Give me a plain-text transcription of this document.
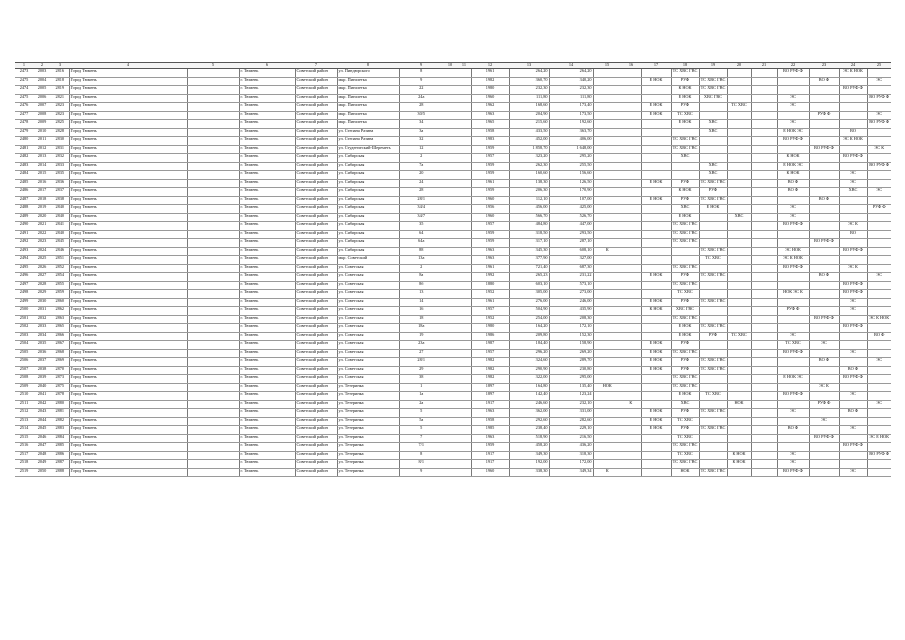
1	2	3	4	5	6	7	8	9	10	11	12	13	14	15	16	17	18	19	20	21	22	23	24	25	
2473	2003	2816	Город Тюмень		г. Тюмень	Советский район	ул. Пиндюрского	8			1961	264,20	264,20				ТС ХВС ГВС				ВО РУФ Ф		ЭС К НОК		
2475	2004	2818	Город Тюмень		г. Тюмень	Советский район	мкр. Пятилетка	9			1982	360,70	340,20			Е НОК	РУФ	ТС ХВС ГВС				ВО Ф		ЭС	
2474	2005	2819	Город Тюмень		г. Тюмень	Советский район	мкр. Пятилетка	22			1980	232,30	232,30				К НОК	ТС ХВС ГВС					ВО РУФ Ф		
2475	2006	2821	Город Тюмень		г. Тюмень	Советский район	мкр. Пятилетка	24а			1960	111,80	111,80				Е НОК	ХВС ГВС			ЭС			ВО РУФ Ф	
2476	2007	2823	Город Тюмень		г. Тюмень	Советский район	мкр. Пятилетка	28			1962	168,60	173,40			Е НОК	РУФ		ТС ХВС		ЭС				
2477	2008	2823	Город Тюмень		г. Тюмень	Советский район	мкр. Пятилетка	30/5			1963	204,90	173,50			Е НОК	ТС ХВС					РУФ Ф		ЭС	
2478	2009	2825	Город Тюмень		г. Тюмень	Советский район	мкр. Пятилетка	34			1965	215,60	192,60				Е НОК	ХВС			ЭС			ВО РУФ Ф	
2479	2010	2828	Город Тюмень		г. Тюмень	Советский район	ул. Степана Разина	3а			1958	433,50	363,70					ХВС			Е НОК ЭС		ВО		
2480	2011	2830	Город Тюмень		г. Тюмень	Советский район	ул. Степана Разина	32			1983	452,00	406,00				ТС ХВС ГВС				ВО РУФ Ф		ЭС К НОК		
2481	2012	2831	Город Тюмень		г. Тюмень	Советский район	ул. Студенческий-Шереметь	12			1959	1 858,70	1 648,00				ТС ХВС ГВС					ВО РУФ Ф		ЭС К	
2482	2013	2832	Город Тюмень		г. Тюмень	Советский район	ул. Сибирская	2			1957	323,20	295,20				ХВС				К НОК		ВО РУФ Ф		
2483	2014	2833	Город Тюмень		г. Тюмень	Советский район	ул. Сибирская	7а			1959	262,30	255,50					ХВС			Е НОК ЭС			ВО РУФ Ф	
2484	2015	2835	Город Тюмень		г. Тюмень	Советский район	ул. Сибирская	20			1959	160,60	156,60					ХВС			К НОК		ЭС		
2485	2016	2836	Город Тюмень		г. Тюмень	Советский район	ул. Сибирская	24			1961	138,30	126,50			Е НОК	РУФ	ТС ХВС ГВС			ВО Ф		ЭС		
2486	2017	2837	Город Тюмень		г. Тюмень	Советский район	ул. Сибирская	28			1959	206,30	170,90				К НОК	РУФ			ВО Ф		ХВС	ЭС	
2487	2018	2838	Город Тюмень		г. Тюмень	Советский район	ул. Сибирская	28/1			1960	112,10	107,00			Е НОК	РУФ	ТС ХВС ГВС				ВО Ф			
2488	2019	2840	Город Тюмень		г. Тюмень	Советский район	ул. Сибирская	34/4			1956	456,00	425,00				ХВС	Е НОК			ЭС			РУФ Ф	
2489	2020	2840	Город Тюмень		г. Тюмень	Советский район	ул. Сибирская	34/7			1960	566,70	526,70				Е НОК		ХВС		ЭС				
2490	2021	2841	Город Тюмень		г. Тюмень	Советский район	ул. Сибирская	35			1957	484,80	447,00				ТС ХВС ГВС				ВО РУФ Ф		ЭС К		
2491	2022	2840	Город Тюмень		г. Тюмень	Советский район	ул. Сибирская	64			1959	318,50	293,50				ТС ХВС ГВС						ВО		
2492	2023	2845	Город Тюмень		г. Тюмень	Советский район	ул. Сибирская	64а			1959	317,10	287,10				ТС ХВС ГВС					ВО РУФ Ф			
2493	2024	2846	Город Тюмень		г. Тюмень	Советский район	ул. Сибирская	88			1963	345,30	608,10	К				ТС ХВС ГВС			ЭС НОК		ВО РУФ Ф		
2494	2025	2851	Город Тюмень		г. Тюмень	Советский район	мкр. Советский	13а			1963	377,90	327,00					ТС ХВС			ЭС К НОК				
2495	2026	2852	Город Тюмень		г. Тюмень	Советский район	ул. Советская	2			1961	721,40	687,30				ТС ХВС ГВС				ВО РУФ Ф		ЭС К		
2496	2027	2854	Город Тюмень		г. Тюмень	Советский район	ул. Советская	8а			1992	265,23	231,22			Е НОК	РУФ	ТС ХВС ГВС				ВО Ф		ЭС	
2497	2028	2855	Город Тюмень		г. Тюмень	Советский район	ул. Советская	8б			1880	603,10	573,10				ТС ХВС ГВС						ВО РУФ Ф		
2498	2029	2859	Город Тюмень		г. Тюмень	Советский район	ул. Советская	13			1952	305,00	273,00				ТС ХВС				НОК ЭС К		ВО РУФ Ф		
2499	2030	2860	Город Тюмень		г. Тюмень	Советский район	ул. Советская	14			1961	276,00	246,00			Е НОК	РУФ	ТС ХВС ГВС					ЭС		
2500	2031	2862	Город Тюмень		г. Тюмень	Советский район	ул. Советская	16			1957	504,90	435,90			К НОК	ХВС ГВС				РУФ Ф		ЭС		
2501	2032	2863	Город Тюмень		г. Тюмень	Советский район	ул. Советская	18			1952	254,00	208,30				ТС ХВС ГВС					ВО РУФ Ф		ЭС К НОК	
2502	2033	2865	Город Тюмень		г. Тюмень	Советский район	ул. Советская	18а			1980	164,20	172,10				Е НОК	ТС ХВС ГВС					ВО РУФ Ф		
2503	2034	2866	Город Тюмень		г. Тюмень	Советский район	ул. Советская	19			1986	209,80	152,30				Е НОК	РУФ	ТС ХВС		ЭС			ВО Ф	
2504	2035	2867	Город Тюмень		г. Тюмень	Советский район	ул. Советская	23а			1987	184,40	158,90			Е НОК	РУФ				ТС ХВС	ЭС			
2505	2036	2868	Город Тюмень		г. Тюмень	Советский район	ул. Советская	27			1957	296,20	269,20			Е НОК	ТС ХВС ГВС				ВО РУФ Ф		ЭС		
2506	2037	2869	Город Тюмень		г. Тюмень	Советский район	ул. Советская	28/1			1982	324,60	289,70			Е НОК	РУФ	ТС ХВС ГВС				ВО Ф		ЭС	
2507	2038	2870	Город Тюмень		г. Тюмень	Советский район	ул. Советская	29			1982	290,90	230,80			Е НОК	РУФ	ТС ХВС ГВС					ВО Ф		
2508	2039	2873	Город Тюмень		г. Тюмень	Советский район	ул. Советская	38			1982	322,00	295,00				ТС ХВС ГВС				Е НОК ЭС		ВО РУФ Ф		
2509	2040	2875	Город Тюмень		г. Тюмень	Советский район	ул. Тетеринка	1			1897	164,80	135,40	НОК			ТС ХВС ГВС					ЭС К			
2510	2041	2878	Город Тюмень		г. Тюмень	Советский район	ул. Тетеринка	1а			1897	142,40	123,24				Е НОК	ТС ХВС			ВО РУФ Ф		ЭС		
2511	2042	2880	Город Тюмень		г. Тюмень	Советский район	ул. Тетеринка	2а			1917	246,60	232,10		К		ХВС		НОК			РУФ Ф		ЭС	
2512	2043	2881	Город Тюмень		г. Тюмень	Советский район	ул. Тетеринка	5			1963	362,00	331,00			Е НОК	РУФ	ТС ХВС ГВС			ЭС		ВО Ф		
2513	2044	2882	Город Тюмень		г. Тюмень	Советский район	ул. Тетеринка	5а			1958	292,60	282,60			Е НОК	ТС ХВС					ЭС			
2514	2045	2883	Город Тюмень		г. Тюмень	Советский район	ул. Тетеринка	5			1985	238,40	229,10			Е НОК	РУФ	ТС ХВС ГВС			ВО Ф		ЭС		
2515	2046	2884	Город Тюмень		г. Тюмень	Советский район	ул. Тетеринка	7			1963	518,90	216,50				ТС ХВС					ВО РУФ Ф		ЭС Е НОК	
2516	2047	2885	Город Тюмень		г. Тюмень	Советский район	ул. Тетеринка	7/1			1959	458,20	436,20				ТС ХВС ГВС						ВО РУФ Ф		
2517	2048	2886	Город Тюмень		г. Тюмень	Советский район	ул. Тетеринка	8			1917	349,30	318,30				ТС ХВС		К НОК		ЭС			ВО РУФ Ф	
2518	2049	2887	Город Тюмень		г. Тюмень	Советский район	ул. Тетеринка	8/1			1917	192,00	172,00				ТС ХВС ГВС		К НОК		ЭС				
2519	2050	2888	Город Тюмень		г. Тюмень	Советский район	ул. Тетеринка	9			1960	338,30	349,34	К			НОК	ТС ХВС ГВС			ВО РУФ Ф		ЭС		
